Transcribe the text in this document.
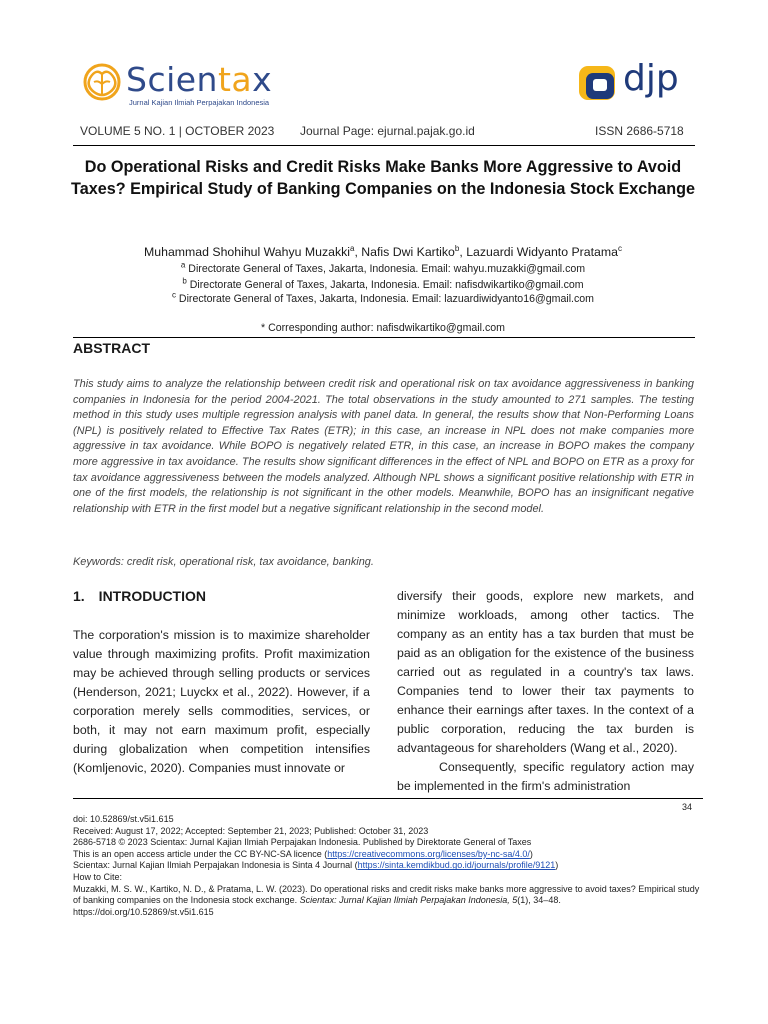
Scientax
Jurnal Kajian Ilmiah Perpajakan Indonesia
djp
VOLUME 5 NO. 1 | OCTOBER 2023 Journal Page: ejurnal.pajak.go.id	ISSN 2686-5718
Do Operational Risks and Credit Risks Make Banks More Aggressive to Avoid Taxes? Empirical Study of Banking Companies on the Indonesia Stock Exchange
Muhammad Shohihul Wahyu Muzakki$^a$, Nafis Dwi Kartiko$^b$, Lazuardi Widyanto Pratama$^c$
$^a$ Directorate General of Taxes, Jakarta, Indonesia. Email: wahyu.muzakki@gmail.com
$^b$ Directorate General of Taxes, Jakarta, Indonesia. Email: nafisdwikartiko@gmail.com
$^c$ Directorate General of Taxes, Jakarta, Indonesia. Email: lazuardiwidyanto16@gmail.com
* Corresponding author: nafisdwikartiko@gmail.com
ABSTRACT
This study aims to analyze the relationship between credit risk and operational risk on tax avoidance aggressiveness in banking companies in Indonesia for the period 2004-2021. The total observations in the study amounted to 271 samples. The testing method in this study uses multiple regression analysis with panel data. In general, the results show that Non-Performing Loans (NPL) is positively related to Effective Tax Rates (ETR); in this case, an increase in NPL does not make companies more aggressive in tax avoidance. While BOPO is negatively related ETR, in this case, an increase in BOPO makes the company more aggressive in tax avoidance. The results show significant differences in the effect of NPL and BOPO on ETR as a proxy for tax avoidance aggressiveness between the models analyzed. Although NPL shows a significant positive relationship with ETR in one of the first models, the relationship is not significant in the other models. Meanwhile, BOPO has an insignificant negative relationship with ETR in the first model but a negative significant relationship in the second model.
Keywords: credit risk, operational risk, tax avoidance, banking.
1. INTRODUCTION
The corporation's mission is to maximize shareholder value through maximizing profits. Profit maximization may be achieved through selling products or services (Henderson, 2021; Luyckx et al., 2022). However, if a corporation merely sells commodities, services, or both, it may not earn maximum profit, especially during globalization when competition intensifies (Komljenovic, 2020). Companies must innovate or
diversify their goods, explore new markets, and minimize workloads, among other tactics. The company as an entity has a tax burden that must be paid as an obligation for the existence of the business carried out as regulated in a country's tax laws. Companies tend to lower their tax payments to enhance their earnings after taxes. In the context of a public corporation, reducing the tax burden is advantageous for shareholders (Wang et al., 2020).
Consequently, specific regulatory action may be implemented in the firm's administration
34
doi: 10.52869/st.v5i1.615
Received: August 17, 2022; Accepted: September 21, 2023; Published: October 31, 2023
2686-5718 © 2023 Scientax: Jurnal Kajian Ilmiah Perpajakan Indonesia. Published by Direktorate General of Taxes
This is an open access article under the CC BY-NC-SA licence (https://creativecommons.org/licenses/by-nc-sa/4.0/)
Scientax: Jurnal Kajian Ilmiah Perpajakan Indonesia is Sinta 4 Journal (https://sinta.kemdikbud.go.id/journals/profile/9121)
How to Cite:
Muzakki, M. S. W., Kartiko, N. D., & Pratama, L. W. (2023). Do operational risks and credit risks make banks more aggressive to avoid taxes? Empirical study of banking companies on the Indonesia stock exchange. Scientax: Jurnal Kajian Ilmiah Perpajakan Indonesia, 5(1), 34–48. https://doi.org/10.52869/st.v5i1.615
